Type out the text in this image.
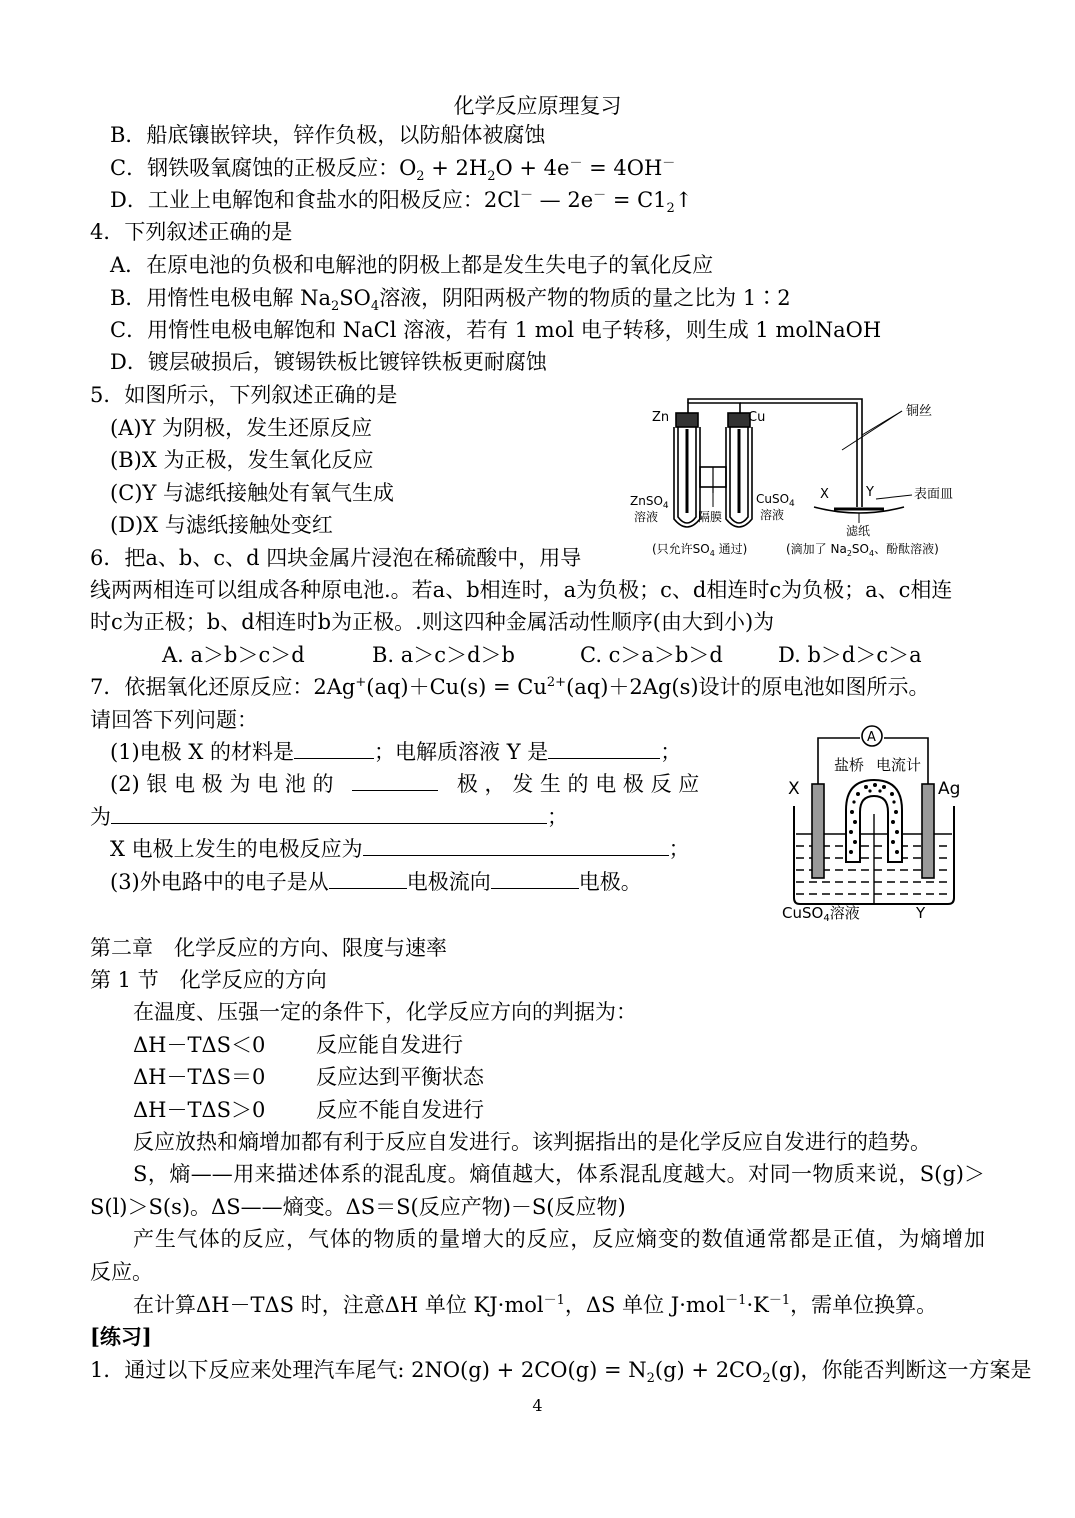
化学反应原理复习
B．船底镶嵌锌块，锌作负极，以防船体被腐蚀
C．钢铁吸氧腐蚀的正极反应：$O_2 + 2H_2O + 4e^- = 4OH^-$
D．工业上电解饱和食盐水的阳极反应：2Cl－ — $2e^- = C1_2↑$
4．下列叙述正确的是
A．在原电池的负极和电解池的阴极上都是发生失电子的氧化反应
B．用惰性电极电解 $Na_2SO_4$溶液，阴阳两极产物的物质的量之比为 1∶2
C．用惰性电极电解饱和 NaCl 溶液，若有 1 mol 电子转移，则生成 1 molNaOH
D．镀层破损后，镀锡铁板比镀锌铁板更耐腐蚀
5．如图所示，下列叙述正确的是
(A)Y 为阴极，发生还原反应
(B)X 为正极，发生氧化反应
(C)Y 与滤纸接触处有氧气生成
(D)X 与滤纸接触处变红
Zn	Cu	铜丝
X	Y	表面皿
ZnSO$_4$
溶液
CuSO$_4$
溶液
隔膜
滤纸
(只允许$SO_4$ 通过)	(滴加了 $Na_2SO_4$、酚酞溶液)
6．把a、b、c、d 四块金属片浸泡在稀硫酸中，用导
线两两相连可以组成各种原电池.。若a、b相连时，a为负极；c、d相连时c为负极；a、c相连
时c为正极；b、d相连时b为正极。.则这四种金属活动性顺序(由大到小)为
A. a＞b＞c＞d	B. a＞c＞d＞b	C. c＞a＞b＞d	D. b＞d＞c＞a
7．依据氧化还原反应：$2Ag^+(aq)+Cu(s) = Cu^{2+}(aq)+2Ag(s)$设计的原电池如图所示。
请回答下列问题：
(1)电极 X 的材料是	；电解质溶液 Y 是	；
(2) 银 电 极 为 电 池 的	极 ， 发 生 的 电 极 反 应
为	；
X 电极上发生的电极反应为	；
(3)外电路中的电子是从	电极流向	电极。
A
盐桥 电流计
X	Ag
CuSO$_4$溶液	Y
第二章　化学反应的方向、限度与速率
第 1 节　化学反应的方向
在温度、压强一定的条件下，化学反应方向的判据为：
ΔH－TΔS＜0 反应能自发进行
ΔH－TΔS＝0 反应达到平衡状态
ΔH－TΔS＞0 反应不能自发进行
反应放热和熵增加都有利于反应自发进行。该判据指出的是化学反应自发进行的趋势。
S，熵——用来描述体系的混乱度。熵值越大，体系混乱度越大。对同一物质来说，S(g)＞
S(l)＞S(s)。ΔS——熵变。ΔS＝S(反应产物)－S(反应物)
产生气体的反应，气体的物质的量增大的反应，反应熵变的数值通常都是正值，为熵增加
反应。
在计算ΔH－TΔS 时，注意ΔH 单位 KJ·mol$^{-1}$，ΔS 单位 $J\cdot mol^{-1}\cdot K^{-1}$，需单位换算。
[练习]
1．通过以下反应来处理汽车尾气: $2NO(g) + 2CO(g) = N_2(g) + 2CO_2(g)$，你能否判断这一方案是
4
